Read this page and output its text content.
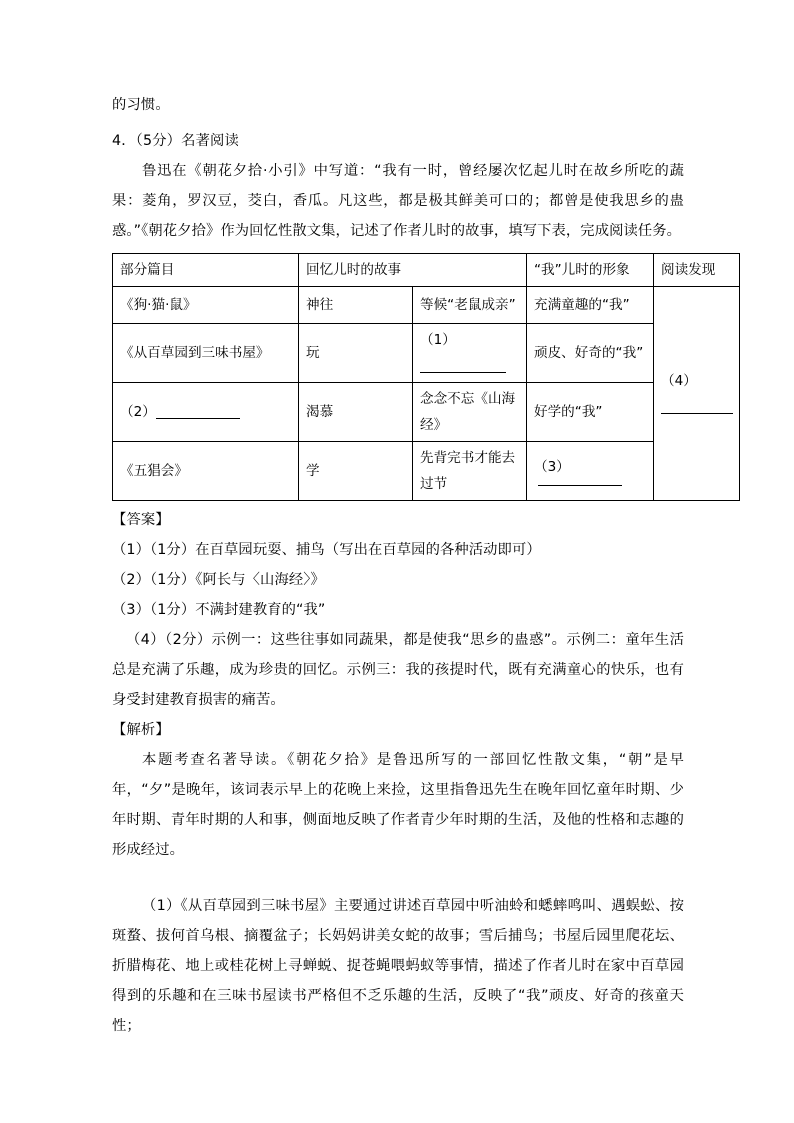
的习惯。
4．（5分）名著阅读
鲁迅在《朝花夕拾·小引》中写道：“我有一时，曾经屡次忆起儿时在故乡所吃的蔬果：菱角，罗汉豆，茭白，香瓜。凡这些，都是极其鲜美可口的；都曾是使我思乡的蛊惑。”《朝花夕拾》作为回忆性散文集，记述了作者儿时的故事，填写下表，完成阅读任务。
部分篇目	回忆儿时的故事		“我”儿时的形象	阅读发现
《狗·猫·鼠》	神往	等候“老鼠成亲”	充满童趣的“我”	（4）
《从百草园到三味书屋》	玩	（1）	顽皮、好奇的“我”	
（2）	渴慕	念念不忘《山海经》	好学的“我”	
《五猖会》	学	先背完书才能去过节	（3）	
【答案】
（1）（1分）在百草园玩耍、捕鸟（写出在百草园的各种活动即可）
（2）（1分）《阿长与〈山海经〉》
（3）（1分）不满封建教育的“我”
（4）（2分）示例一：这些往事如同蔬果，都是使我“思乡的蛊惑”。示例二：童年生活总是充满了乐趣，成为珍贵的回忆。示例三：我的孩提时代，既有充满童心的快乐，也有身受封建教育损害的痛苦。
【解析】
本题考查名著导读。《朝花夕拾》是鲁迅所写的一部回忆性散文集，“朝”是早年，“夕”是晚年，该词表示早上的花晚上来捡，这里指鲁迅先生在晚年回忆童年时期、少年时期、青年时期的人和事，侧面地反映了作者青少年时期的生活，及他的性格和志趣的形成经过。
（1）《从百草园到三味书屋》主要通过讲述百草园中听油蛉和蟋蟀鸣叫、遇蜈蚣、按斑蝥、拔何首乌根、摘覆盆子；长妈妈讲美女蛇的故事；雪后捕鸟；书屋后园里爬花坛、折腊梅花、地上或桂花树上寻蝉蜕、捉苍蝇喂蚂蚁等事情，描述了作者儿时在家中百草园得到的乐趣和在三味书屋读书严格但不乏乐趣的生活，反映了“我”顽皮、好奇的孩童天性；
